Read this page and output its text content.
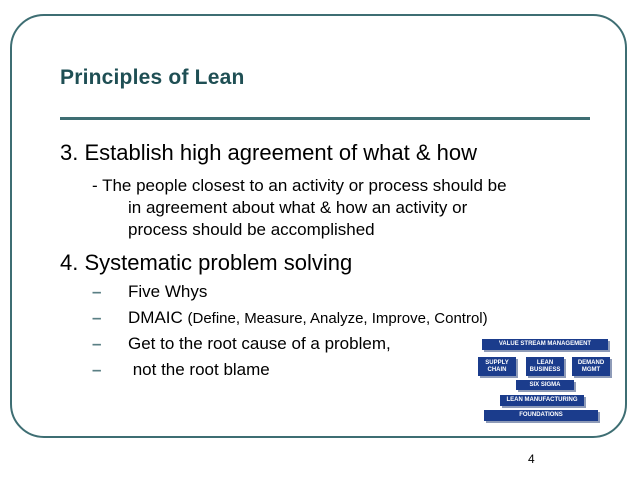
Principles of Lean
3. Establish high agreement of what & how
- The people closest to an activity or process should be
in agreement about what & how an activity or
process should be accomplished
4. Systematic problem solving
– Five Whys
– DMAIC (Define, Measure, Analyze, Improve, Control)
– Get to the root cause of a problem,
– not the root blame
VALUE STREAM MANAGEMENT
SUPPLY CHAIN
LEAN BUSINESS
DEMAND MGMT
SIX SIGMA
LEAN MANUFACTURING
FOUNDATIONS
4
